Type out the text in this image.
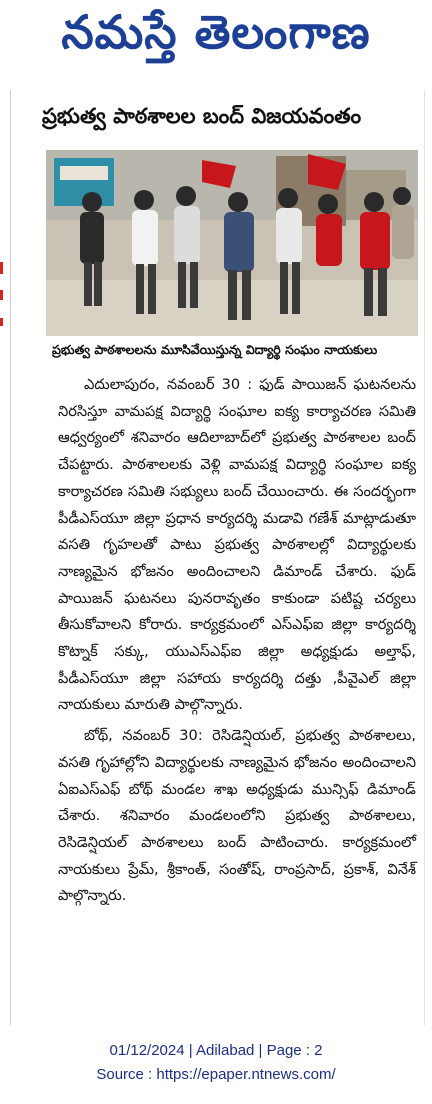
నమస్తే తెలంగాణ
ప్రభుత్వ పాఠశాలల బంద్ విజయవంతం
ప్రభుత్వ పాఠశాలలను మూసివేయిస్తున్న విద్యార్థి సంఘం నాయకులు

ఎదులాపురం, నవంబర్ 30 : ఫుడ్ పాయిజన్ ఘటనలను నిరసిస్తూ వామపక్ష విద్యార్థి సంఘాల ఐక్య కార్యాచరణ సమితి ఆధ్వర్యంలో శనివారం ఆదిలాబాద్‌లో ప్రభుత్వ పాఠశాలల బంద్ చేపట్టారు. పాఠశాలలకు వెళ్లి వామపక్ష విద్యార్థి సంఘాల ఐక్య కార్యాచరణ సమితి సభ్యులు బంద్ చేయించారు. ఈ సందర్భంగా పీడీఎస్‌యూ జిల్లా ప్రధాన కార్యదర్శి మడావి గణేశ్ మాట్లాడుతూ వసతి గృహలతో పాటు ప్రభుత్వ పాఠశాలల్లో విద్యార్థులకు నాణ్యమైన భోజనం అందించాలని డిమాండ్ చేశారు. ఫుడ్ పాయిజన్ ఘటనలు పునరావృతం కాకుండా పటిష్ట చర్యలు తీసుకోవాలని కోరారు. కార్యక్రమంలో ఎస్‌ఎఫ్‌ఐ జిల్లా కార్యదర్శి కొట్నాక్ సక్కు, యుఎస్‌ఎఫ్‌ఐ జిల్లా అధ్యక్షుడు అల్తాఫ్, పీడీఎస్‌యూ జిల్లా సహాయ కార్యదర్శి దత్తు ,పీవైఎల్ జిల్లా నాయకులు మారుతి పాల్గొన్నారు.

బోథ్, నవంబర్ 30: రెసిడెన్షియల్, ప్రభుత్వ పాఠశాలలు, వసతి గృహాల్లోని విద్యార్థులకు నాణ్యమైన భోజనం అందించాలని ఏఐఎస్‌ఎఫ్ బోథ్ మండల శాఖ అధ్యక్షుడు మున్సిఫ్ డిమాండ్ చేశారు. శనివారం మండలంలోని ప్రభుత్వ పాఠశాలలు, రెసిడెన్షియల్ పాఠశాలలు బంద్ పాటించారు. కార్యక్రమంలో నాయకులు ప్రేమ్, శ్రీకాంత్, సంతోష్, రాంప్రసాద్, ప్రకాశ్, వినేశ్ పాల్గొన్నారు.

01/12/2024 | Adilabad | Page : 2
Source : https://epaper.ntnews.com/
